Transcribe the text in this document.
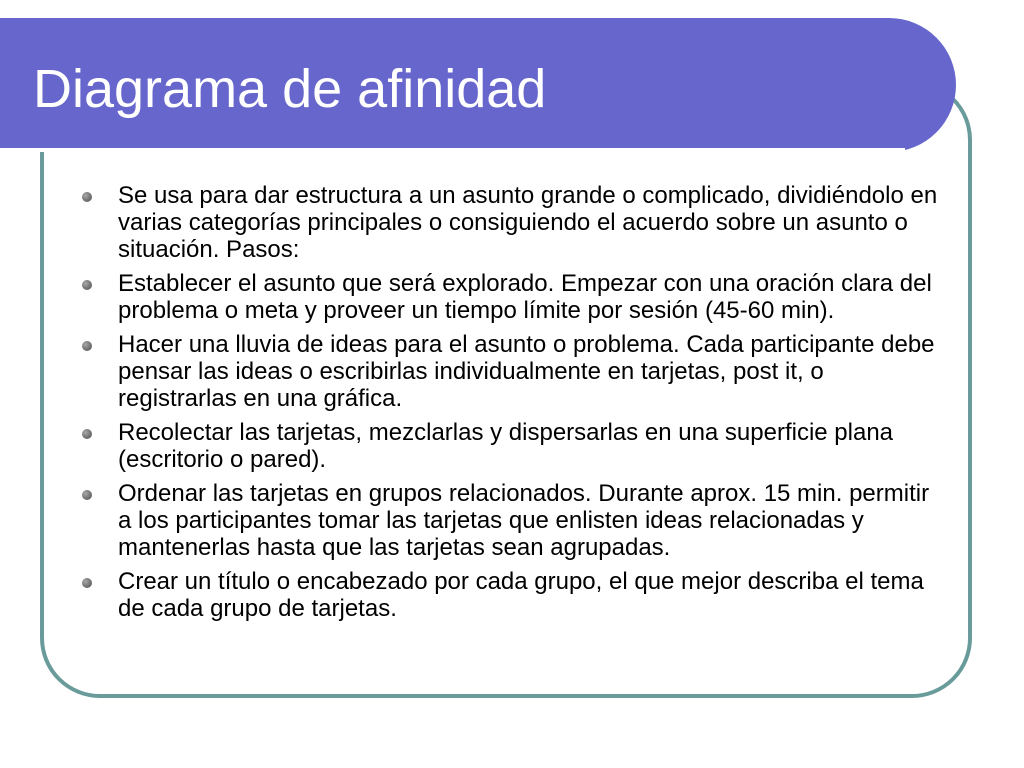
Diagrama de afinidad
Se usa para dar estructura a un asunto grande o complicado, dividiéndolo en varias categorías principales o consiguiendo el acuerdo sobre un asunto o situación. Pasos:
Establecer el asunto que será explorado. Empezar con una oración clara del problema o meta y proveer un tiempo límite por sesión (45-60 min).
Hacer una lluvia de ideas para el asunto o problema. Cada participante debe pensar las ideas o escribirlas individualmente en tarjetas, post it, o registrarlas en una gráfica.
Recolectar las tarjetas, mezclarlas y dispersarlas en una superficie plana (escritorio o pared).
Ordenar las tarjetas en grupos relacionados. Durante aprox. 15 min. permitir a los participantes tomar las tarjetas que enlisten ideas relacionadas y mantenerlas hasta que las tarjetas sean agrupadas.
Crear un título o encabezado por cada grupo, el que mejor describa el tema de cada grupo de tarjetas.
